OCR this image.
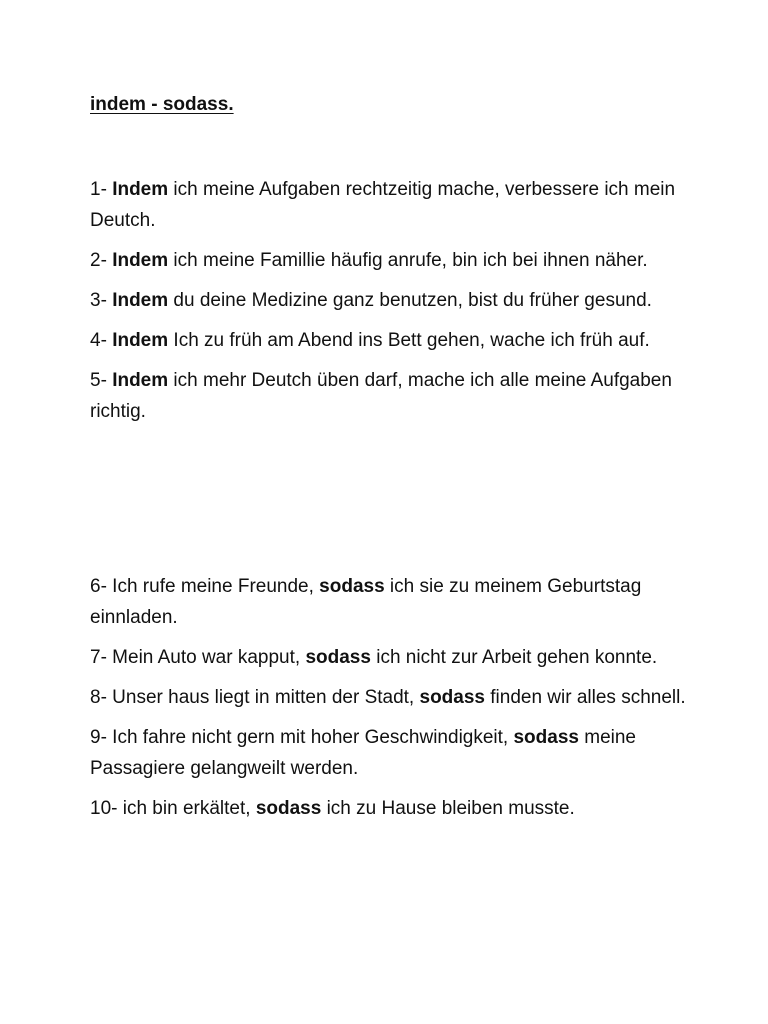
indem - sodass.

1- Indem ich meine Aufgaben rechtzeitig mache, verbessere ich mein Deutch.

2- Indem ich meine Famillie häufig anrufe, bin ich bei ihnen näher.

3- Indem du deine Medizine ganz benutzen, bist du früher gesund.

4- Indem Ich zu früh am Abend ins Bett gehen, wache ich früh auf.

5- Indem ich mehr Deutch üben darf, mache ich alle meine Aufgaben richtig.

6- Ich rufe meine Freunde, sodass ich sie zu meinem Geburtstag einnladen.

7- Mein Auto war kapput, sodass ich nicht zur Arbeit gehen konnte.

8- Unser haus liegt in mitten der Stadt, sodass finden wir alles schnell.

9- Ich fahre nicht gern mit hoher Geschwindigkeit, sodass meine Passagiere gelangweilt werden.

10- ich bin erkältet, sodass ich zu Hause bleiben musste.
